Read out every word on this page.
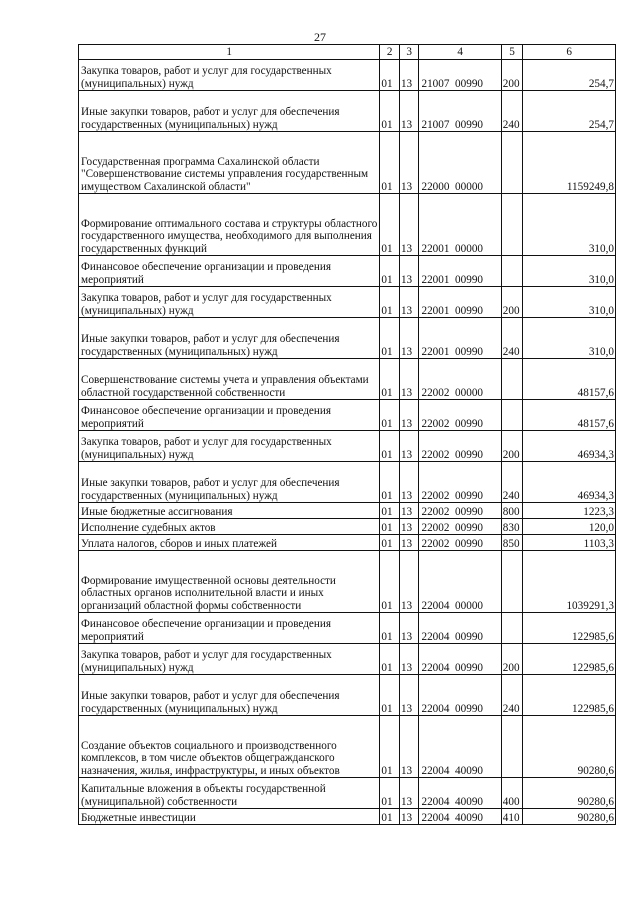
27
1	2	3	4	5	6
Закупка товаров, работ и услуг для государственных (муниципальных) нужд	01	13	21007  00990	200	254,7
Иные закупки товаров, работ и услуг для обеспечения государственных (муниципальных) нужд	01	13	21007  00990	240	254,7
Государственная программа Сахалинской области "Совершенствование системы управления государственным имуществом Сахалинской области"	01	13	22000  00000		1159249,8
Формирование оптимального состава и структуры областного государственного имущества, необходимого для выполнения государственных функций	01	13	22001  00000		310,0
Финансовое обеспечение организации и проведения мероприятий	01	13	22001  00990		310,0
Закупка товаров, работ и услуг для государственных (муниципальных) нужд	01	13	22001  00990	200	310,0
Иные закупки товаров, работ и услуг для обеспечения государственных (муниципальных) нужд	01	13	22001  00990	240	310,0
Совершенствование системы учета и управления объектами областной государственной собственности	01	13	22002  00000		48157,6
Финансовое обеспечение организации и проведения мероприятий	01	13	22002  00990		48157,6
Закупка товаров, работ и услуг для государственных (муниципальных) нужд	01	13	22002  00990	200	46934,3
Иные закупки товаров, работ и услуг для обеспечения государственных (муниципальных) нужд	01	13	22002  00990	240	46934,3
Иные бюджетные ассигнования	01	13	22002  00990	800	1223,3
Исполнение судебных актов	01	13	22002  00990	830	120,0
Уплата налогов, сборов и иных платежей	01	13	22002  00990	850	1103,3
Формирование имущественной основы деятельности областных органов исполнительной власти и иных организаций областной формы собственности	01	13	22004  00000		1039291,3
Финансовое обеспечение организации и проведения мероприятий	01	13	22004  00990		122985,6
Закупка товаров, работ и услуг для государственных (муниципальных) нужд	01	13	22004  00990	200	122985,6
Иные закупки товаров, работ и услуг для обеспечения государственных (муниципальных) нужд	01	13	22004  00990	240	122985,6
Создание объектов социального и производственного комплексов, в том числе объектов общегражданского назначения, жилья, инфраструктуры, и иных объектов	01	13	22004  40090		90280,6
Капитальные вложения в объекты государственной (муниципальной) собственности	01	13	22004  40090	400	90280,6
Бюджетные инвестиции	01	13	22004  40090	410	90280,6
